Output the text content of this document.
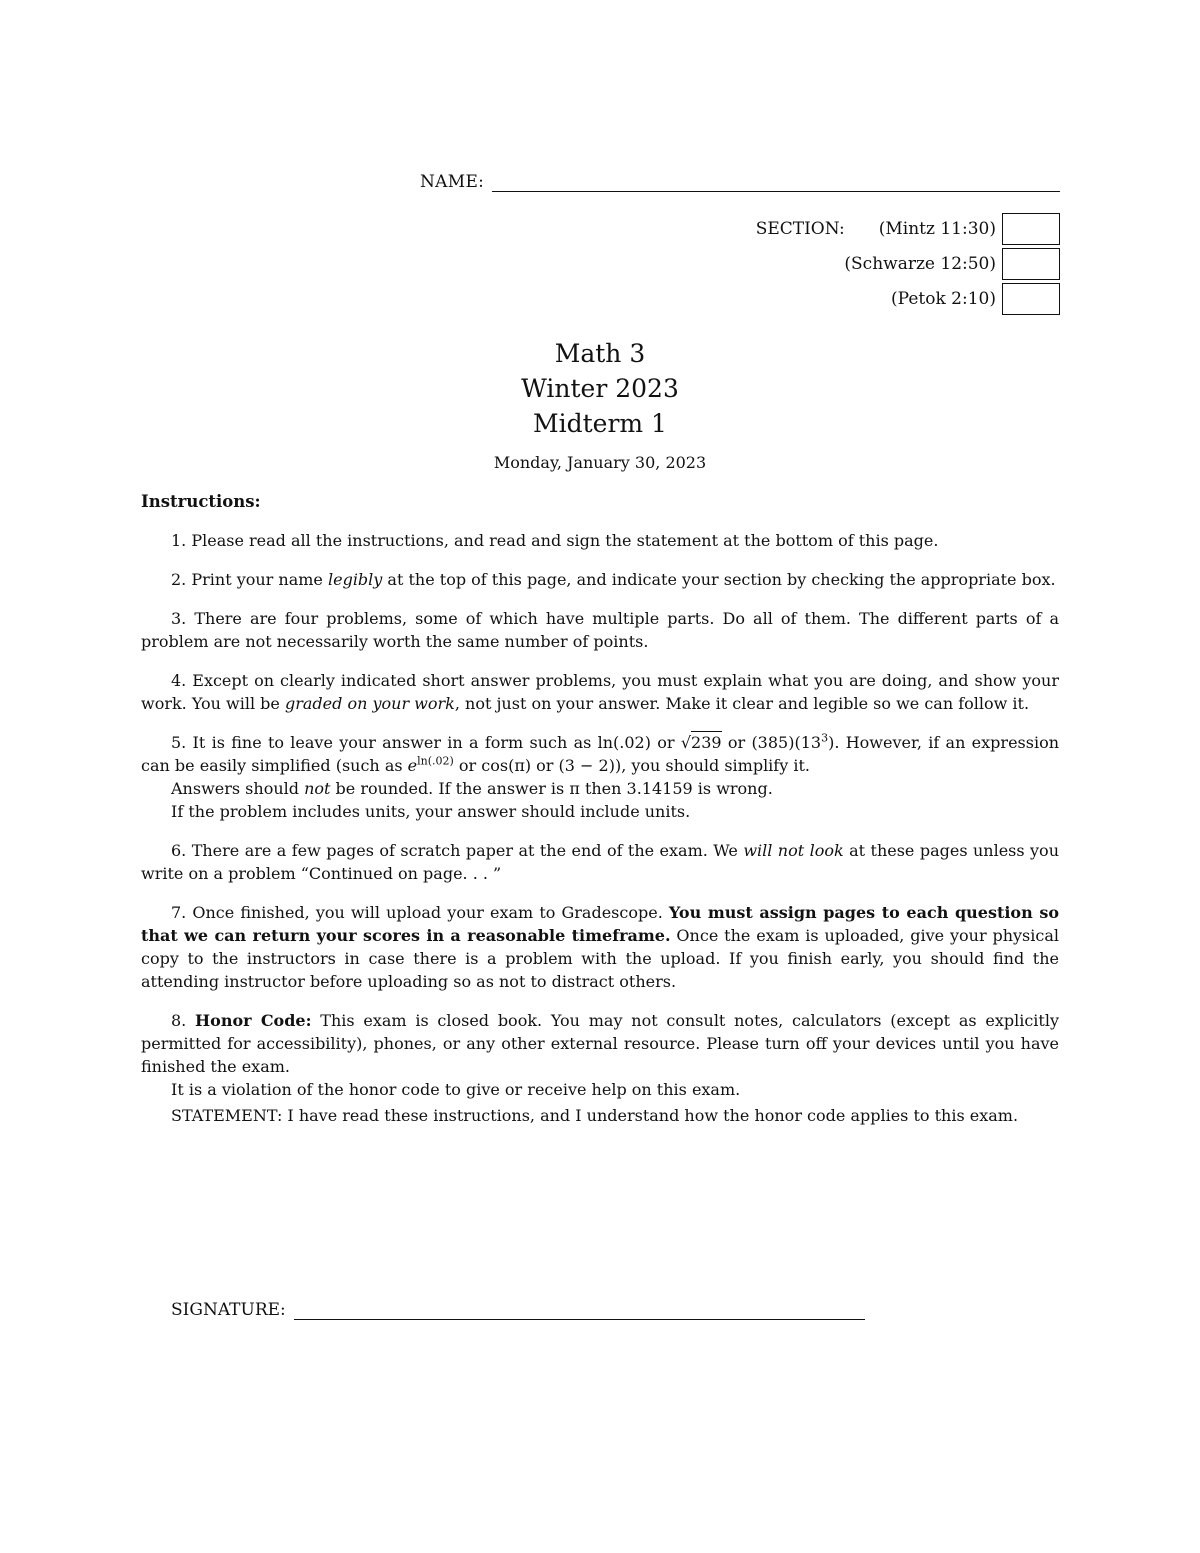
NAME:
SECTION: (Mintz 11:30)
(Schwarze 12:50)
(Petok 2:10)
Math 3
Winter 2023
Midterm 1
Monday, January 30, 2023
Instructions:

1. Please read all the instructions, and read and sign the statement at the bottom of this page.

2. Print your name legibly at the top of this page, and indicate your section by checking the appropriate box.

3. There are four problems, some of which have multiple parts. Do all of them. The different parts of a problem are not necessarily worth the same number of points.

4. Except on clearly indicated short answer problems, you must explain what you are doing, and show your work. You will be graded on your work, not just on your answer. Make it clear and legible so we can follow it.

5. It is fine to leave your answer in a form such as ln(.02) or √239 or $(385)(13^3)$. However, if an expression can be easily simplified (such as $e^{ln(.02)}$ or cos(π) or (3 − 2)), you should simplify it.

Answers should not be rounded. If the answer is π then 3.14159 is wrong.

If the problem includes units, your answer should include units.

6. There are a few pages of scratch paper at the end of the exam. We will not look at these pages unless you write on a problem “Continued on page. . . ”

7. Once finished, you will upload your exam to Gradescope. You must assign pages to each question so that we can return your scores in a reasonable timeframe. Once the exam is uploaded, give your physical copy to the instructors in case there is a problem with the upload. If you finish early, you should find the attending instructor before uploading so as not to distract others.

8. Honor Code: This exam is closed book. You may not consult notes, calculators (except as explicitly permitted for accessibility), phones, or any other external resource. Please turn off your devices until you have finished the exam.

It is a violation of the honor code to give or receive help on this exam.

STATEMENT: I have read these instructions, and I understand how the honor code applies to this exam.
SIGNATURE:
